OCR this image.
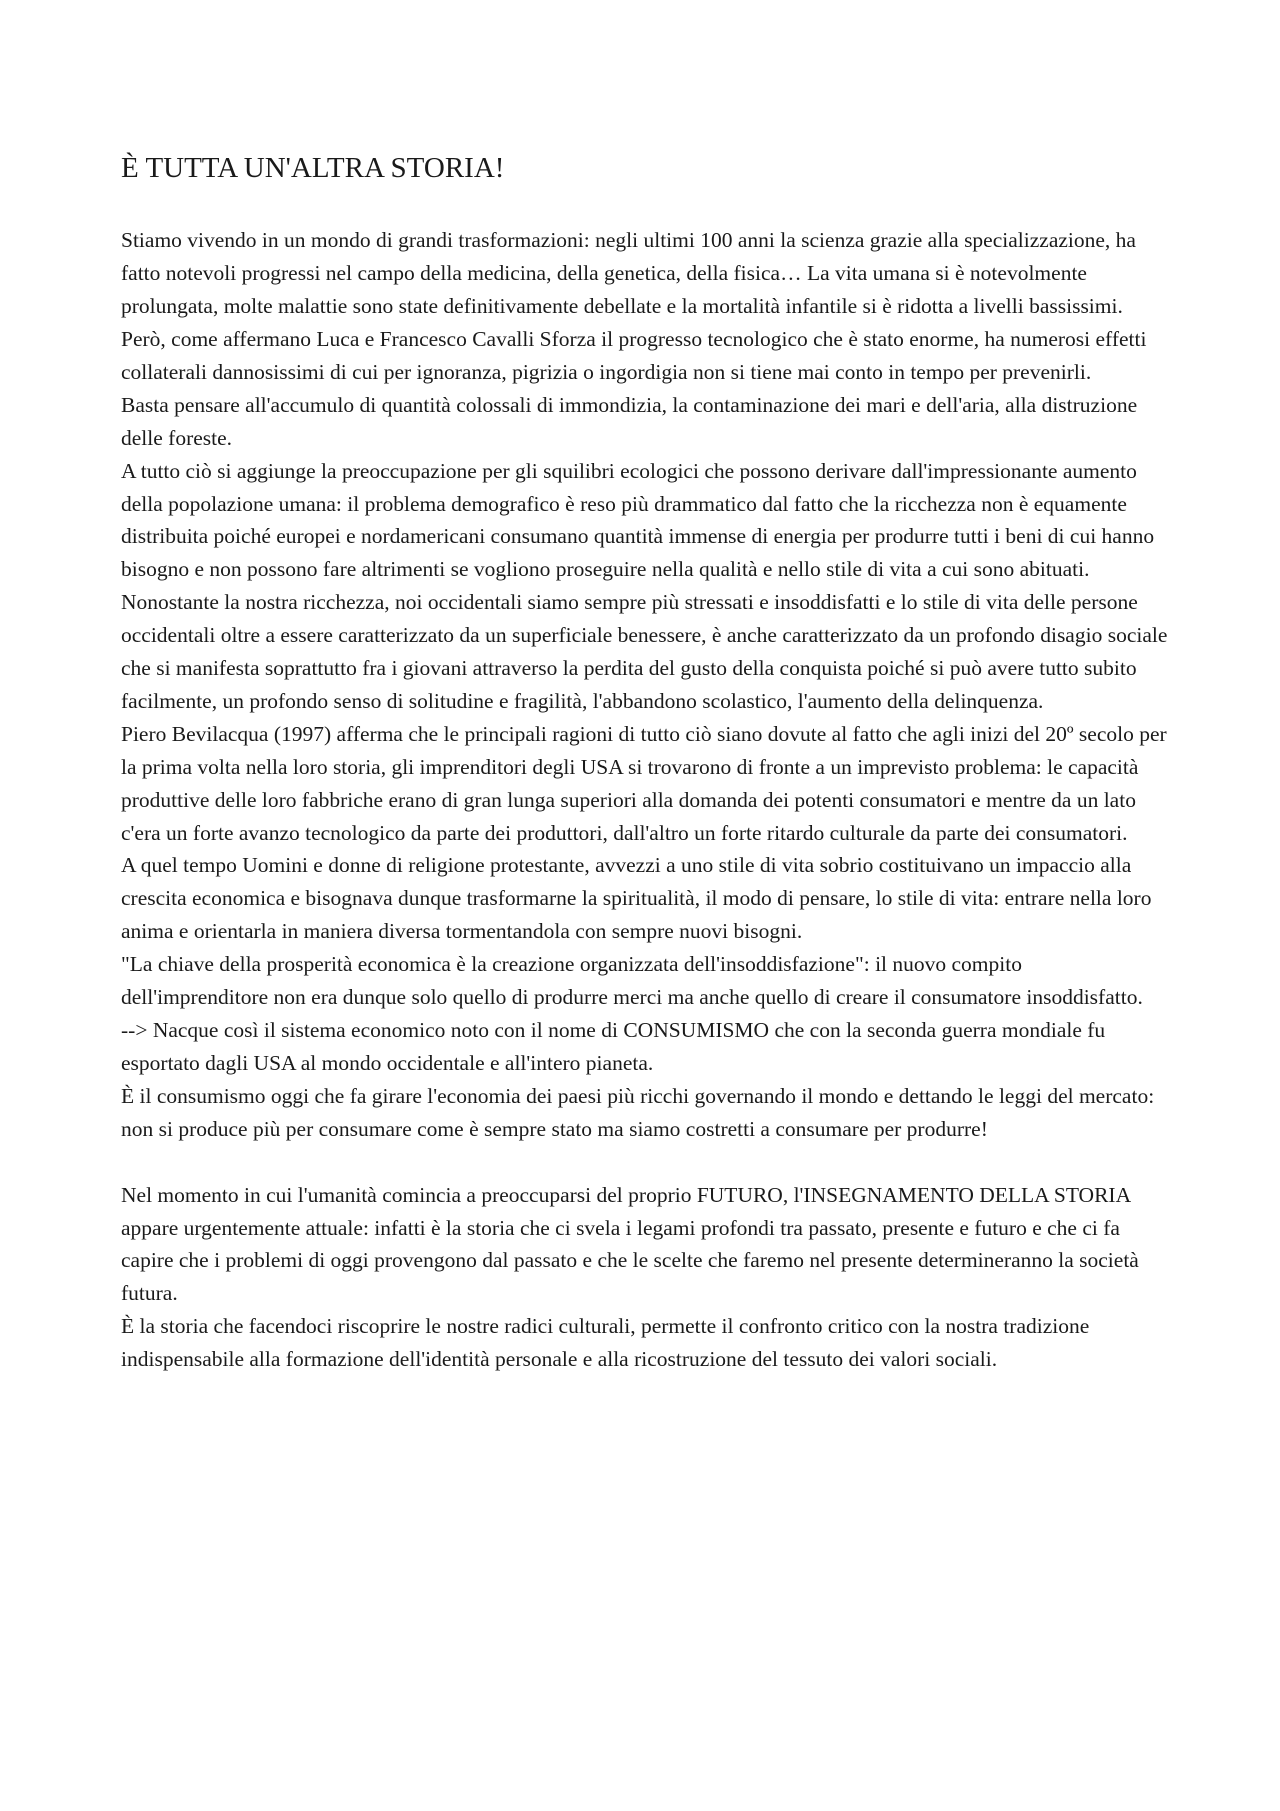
È TUTTA UN'ALTRA STORIA!

Stiamo vivendo in un mondo di grandi trasformazioni: negli ultimi 100 anni la scienza grazie alla specializzazione, ha fatto notevoli progressi nel campo della medicina, della genetica, della fisica… La vita umana si è notevolmente prolungata, molte malattie sono state definitivamente debellate e la mortalità infantile si è ridotta a livelli bassissimi.

Però, come affermano Luca e Francesco Cavalli Sforza il progresso tecnologico che è stato enorme, ha numerosi effetti collaterali dannosissimi di cui per ignoranza, pigrizia o ingordigia non si tiene mai conto in tempo per prevenirli.

Basta pensare all'accumulo di quantità colossali di immondizia, la contaminazione dei mari e dell'aria, alla distruzione delle foreste.

A tutto ciò si aggiunge la preoccupazione per gli squilibri ecologici che possono derivare dall'impressionante aumento della popolazione umana: il problema demografico è reso più drammatico dal fatto che la ricchezza non è equamente distribuita poiché europei e nordamericani consumano quantità immense di energia per produrre tutti i beni di cui hanno bisogno e non possono fare altrimenti se vogliono proseguire nella qualità e nello stile di vita a cui sono abituati.

Nonostante la nostra ricchezza, noi occidentali siamo sempre più stressati e insoddisfatti e lo stile di vita delle persone occidentali oltre a essere caratterizzato da un superficiale benessere, è anche caratterizzato da un profondo disagio sociale che si manifesta soprattutto fra i giovani attraverso la perdita del gusto della conquista poiché si può avere tutto subito facilmente, un profondo senso di solitudine e fragilità, l'abbandono scolastico, l'aumento della delinquenza.

Piero Bevilacqua (1997) afferma che le principali ragioni di tutto ciò siano dovute al fatto che agli inizi del 20º secolo per la prima volta nella loro storia, gli imprenditori degli USA si trovarono di fronte a un imprevisto problema: le capacità produttive delle loro fabbriche erano di gran lunga superiori alla domanda dei potenti consumatori e mentre da un lato c'era un forte avanzo tecnologico da parte dei produttori, dall'altro un forte ritardo culturale da parte dei consumatori.

A quel tempo Uomini e donne di religione protestante, avvezzi a uno stile di vita sobrio costituivano un impaccio alla crescita economica e bisognava dunque trasformarne la spiritualità, il modo di pensare, lo stile di vita: entrare nella loro anima e orientarla in maniera diversa tormentandola con sempre nuovi bisogni.

"La chiave della prosperità economica è la creazione organizzata dell'insoddisfazione": il nuovo compito dell'imprenditore non era dunque solo quello di produrre merci ma anche quello di creare il consumatore insoddisfatto.

--> Nacque così il sistema economico noto con il nome di CONSUMISMO che con la seconda guerra mondiale fu esportato dagli USA al mondo occidentale e all'intero pianeta.

È il consumismo oggi che fa girare l'economia dei paesi più ricchi governando il mondo e dettando le leggi del mercato: non si produce più per consumare come è sempre stato ma siamo costretti a consumare per produrre!

Nel momento in cui l'umanità comincia a preoccuparsi del proprio FUTURO, l'INSEGNAMENTO DELLA STORIA appare urgentemente attuale: infatti è la storia che ci svela i legami profondi tra passato, presente e futuro e che ci fa capire che i problemi di oggi provengono dal passato e che le scelte che faremo nel presente determineranno la società futura.

È la storia che facendoci riscoprire le nostre radici culturali, permette il confronto critico con la nostra tradizione indispensabile alla formazione dell'identità personale e alla ricostruzione del tessuto dei valori sociali.
